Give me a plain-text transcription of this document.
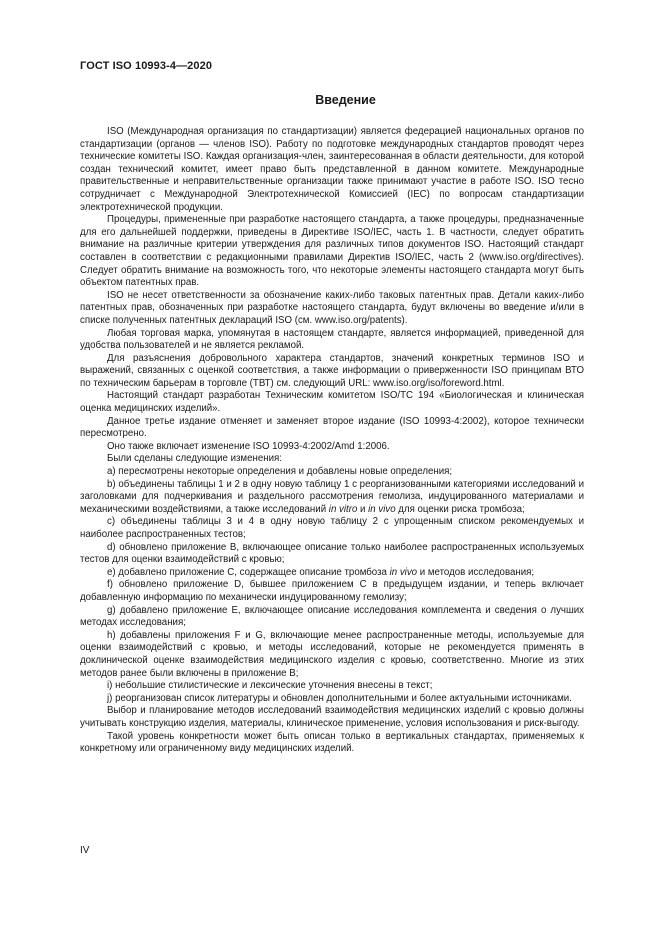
ГОСТ ISO 10993-4—2020
Введение

ISO (Международная организация по стандартизации) является федерацией национальных органов по стандартизации (органов — членов ISO). Работу по подготовке международных стандартов проводят через технические комитеты ISO. Каждая организация-член, заинтересованная в области деятельности, для которой создан технический комитет, имеет право быть представленной в данном комитете. Международные правительственные и неправительственные организации также принимают участие в работе ISO. ISO тесно сотрудничает с Международной Электротехнической Комиссией (IEC) по вопросам стандартизации электротехнической продукции.

Процедуры, примененные при разработке настоящего стандарта, а также процедуры, предназначенные для его дальнейшей поддержки, приведены в Директиве ISO/IEC, часть 1. В частности, следует обратить внимание на различные критерии утверждения для различных типов документов ISO. Настоящий стандарт составлен в соответствии с редакционными правилами Директив ISO/IEC, часть 2 (www.iso.org/directives). Следует обратить внимание на возможность того, что некоторые элементы настоящего стандарта могут быть объектом патентных прав.

ISO не несет ответственности за обозначение каких-либо таковых патентных прав. Детали каких-либо патентных прав, обозначенных при разработке настоящего стандарта, будут включены во введение и/или в списке полученных патентных деклараций ISO (см. www.iso.org/patents).

Любая торговая марка, упомянутая в настоящем стандарте, является информацией, приведенной для удобства пользователей и не является рекламой.

Для разъяснения добровольного характера стандартов, значений конкретных терминов ISO и выражений, связанных с оценкой соответствия, а также информации о приверженности ISO принципам ВТО по техническим барьерам в торговле (ТВТ) см. следующий URL: www.iso.org/iso/foreword.html.

Настоящий стандарт разработан Техническим комитетом ISO/TC 194 «Биологическая и клиническая оценка медицинских изделий».

Данное третье издание отменяет и заменяет второе издание (ISO 10993-4:2002), которое технически пересмотрено.

Оно также включает изменение ISO 10993-4:2002/Amd 1:2006.

Были сделаны следующие изменения:

a) пересмотрены некоторые определения и добавлены новые определения;

b) объединены таблицы 1 и 2 в одну новую таблицу 1 с реорганизованными категориями исследований и заголовками для подчеркивания и раздельного рассмотрения гемолиза, индуцированного материалами и механическими воздействиями, а также исследований in vitro и in vivo для оценки риска тромбоза;

c) объединены таблицы 3 и 4 в одну новую таблицу 2 с упрощенным списком рекомендуемых и наиболее распространенных тестов;

d) обновлено приложение В, включающее описание только наиболее распространенных используемых тестов для оценки взаимодействий с кровью;

e) добавлено приложение С, содержащее описание тромбоза in vivo и методов исследования;

f) обновлено приложение D, бывшее приложением С в предыдущем издании, и теперь включает добавленную информацию по механически индуцированному гемолизу;

g) добавлено приложение Е, включающее описание исследования комплемента и сведения о лучших методах исследования;

h) добавлены приложения F и G, включающие менее распространенные методы, используемые для оценки взаимодействий с кровью, и методы исследований, которые не рекомендуется применять в доклинической оценке взаимодействия медицинского изделия с кровью, соответственно. Многие из этих методов ранее были включены в приложение В;

i) небольшие стилистические и лексические уточнения внесены в текст;

j) реорганизован список литературы и обновлен дополнительными и более актуальными источниками.

Выбор и планирование методов исследований взаимодействия медицинских изделий с кровью должны учитывать конструкцию изделия, материалы, клиническое применение, условия использования и риск-выгоду.

Такой уровень конкретности может быть описан только в вертикальных стандартах, применяемых к конкретному или ограниченному виду медицинских изделий.

IV
